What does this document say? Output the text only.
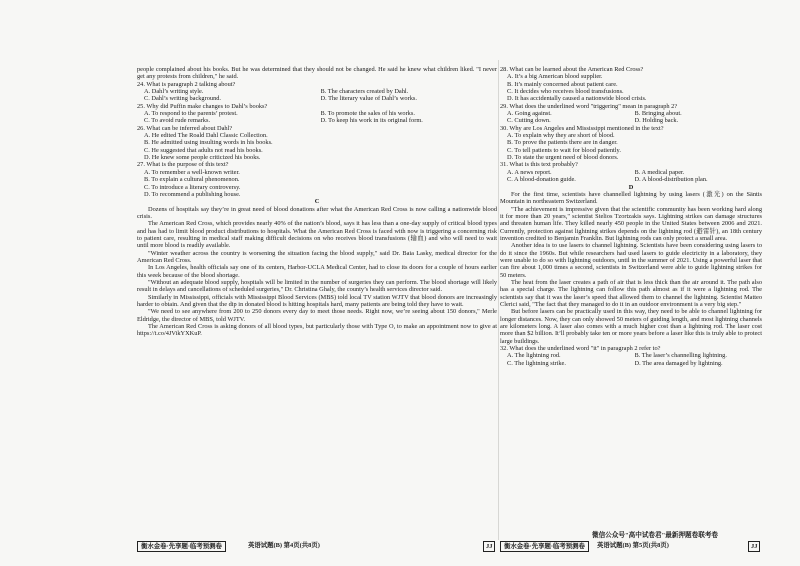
people complained about his books. But he was determined that they should not be changed. He said he knew what children liked. "I never get any protests from children," he said.

24. What is paragraph 2 talking about?

A. Dahl’s writing style.	B. The characters created by Dahl.
C. Dahl’s writing background.	D. The literary value of Dahl’s works.

25. Why did Puffin make changes to Dahl’s books?

A. To respond to the parents’ protest.	B. To promote the sales of his works.
C. To avoid rude remarks.	D. To keep his work in its original form.

26. What can be inferred about Dahl?

A. He edited The Roald Dahl Classic Collection.
B. He admitted using insulting words in his books.
C. He suggested that adults not read his books.
D. He knew some people criticized his books.

27. What is the purpose of this text?

A. To remember a well-known writer.
B. To explain a cultural phenomenon.
C. To introduce a literary controversy.
D. To recommend a publishing house.

C

Dozens of hospitals say they’re in great need of blood donations after what the American Red Cross is now calling a nationwide blood crisis.

The American Red Cross, which provides nearly 40% of the nation’s blood, says it has less than a one-day supply of critical blood types and has had to limit blood product distributions to hospitals. What the American Red Cross is faced with now is triggering a concerning risk to patient care, resulting in medical staff making difficult decisions on who receives blood transfusions (输血) and who will need to wait until more blood is readily available.

"Winter weather across the country is worsening the situation facing the blood supply," said Dr. Baia Lasky, medical director for the American Red Cross.

In Los Angeles, health officials say one of its centers, Harbor-UCLA Medical Center, had to close its doors for a couple of hours earlier this week because of the blood shortage.

"Without an adequate blood supply, hospitals will be limited in the number of surgeries they can perform. The blood shortage will likely result in delays and cancellations of scheduled surgeries," Dr. Christina Ghaly, the county’s health services director said.

Similarly in Mississippi, officials with Mississippi Blood Services (MBS) told local TV station WJTV that blood donors are increasingly harder to obtain. And given that the dip in donated blood is hitting hospitals hard, many patients are being told they have to wait.

"We need to see anywhere from 200 to 250 donors every day to meet those needs. Right now, we’re seeing about 150 donors," Merle Eldridge, the director of MBS, told WJTV.

The American Red Cross is asking donors of all blood types, but particularly those with Type O, to make an appointment now to give at https://t.co/4JVikYXKuP.

衡水金卷·先享题·临考预测卷	英语试题(B) 第4页(共8页)	JJ

28. What can be learned about the American Red Cross?

A. It’s a big American blood supplier.
B. It’s mainly concerned about patient care.
C. It decides who receives blood transfusions.
D. It has accidentally caused a nationwide blood crisis.

29. What does the underlined word "triggering" mean in paragraph 2?

A. Going against.	B. Bringing about.
C. Cutting down.	D. Holding back.

30. Why are Los Angeles and Mississippi mentioned in the text?

A. To explain why they are short of blood.
B. To prove the patients there are in danger.
C. To tell patients to wait for blood patiently.
D. To state the urgent need of blood donors.

31. What is this text probably?

A. A news report.	B. A medical paper.
C. A blood-donation guide.	D. A blood-distribution plan.

D

For the first time, scientists have channelled lightning by using lasers (激光) on the Säntis Mountain in northeastern Switzerland.

"The achievement is impressive given that the scientific community has been working hard along it for more than 20 years," scientist Stelios Tzortzakis says. Lightning strikes can damage structures and threaten human life. They killed nearly 450 people in the United States between 2006 and 2021. Currently, protection against lightning strikes depends on the lightning rod (避雷针), an 18th century invention credited to Benjamin Franklin. But lightning rods can only protect a small area.

Another idea is to use lasers to channel lightning. Scientists have been considering using lasers to do it since the 1960s. But while researchers had used lasers to guide electricity in a laboratory, they were unable to do so with lightning outdoors, until in the summer of 2021. Using a powerful laser that can fire about 1,000 times a second, scientists in Switzerland were able to guide lightning strikes for 50 meters.

The heat from the laser creates a path of air that is less thick than the air around it. The path also has a special charge. The lightning can follow this path almost as if it were a lightning rod. The scientists say that it was the laser’s speed that allowed them to channel the lightning. Scientist Matteo Clerici said, "The fact that they managed to do it in an outdoor environment is a very big step."

But before lasers can be practically used in this way, they need to be able to channel lightning for longer distances. Now, they can only showed 50 meters of guiding length, and most lightning channels are kilometers long. A laser also comes with a much higher cost than a lightning rod. The laser cost more than $2 billion. It’ll probably take ten or more years before a laser like this is truly able to protect large buildings.

32. What does the underlined word "it" in paragraph 2 refer to?

A. The lightning rod.	B. The laser’s channelling lightning.
C. The lightning strike.	D. The area damaged by lightning.
微信公众号"高中试卷君"最新押题卷联考卷
衡水金卷·先享题·临考预测卷	英语试题(B) 第5页(共8页)	JJ
